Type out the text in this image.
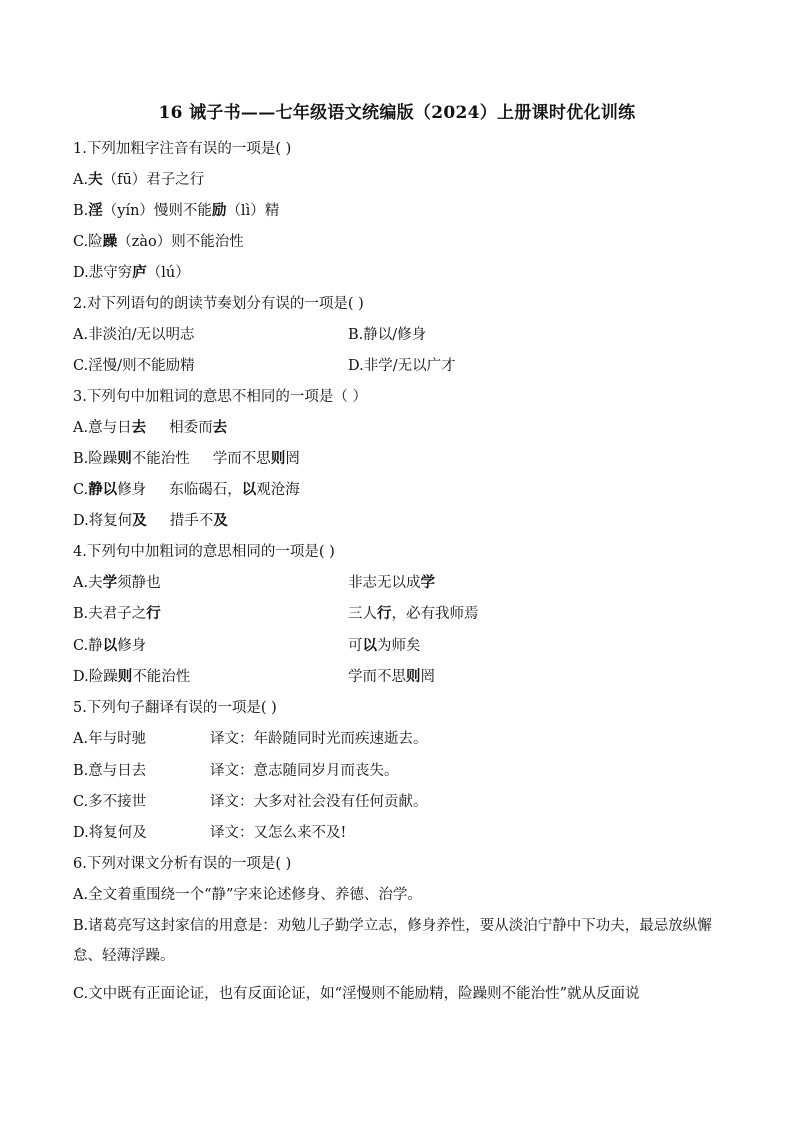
16 诫子书——七年级语文统编版（2024）上册课时优化训练
1.下列加粗字注音有误的一项是( )
A.夫（fū）君子之行
B.淫（yín）慢则不能励（lì）精
C.险躁（zào）则不能治性
D.悲守穷庐（lú）
2.对下列语句的朗读节奏划分有误的一项是( )
A.非淡泊/无以明志	B.静以/修身
C.淫慢/则不能励精	D.非学/无以广才
3.下列句中加粗词的意思不相同的一项是（ ）
A.意与日去     相委而去
B.险躁则不能治性     学而不思则罔
C.静以修身     东临碣石，以观沧海
D.将复何及     措手不及
4.下列句中加粗词的意思相同的一项是( )
A.夫学须静也	非志无以成学
B.夫君子之行	三人行，必有我师焉
C.静以修身	可以为师矣
D.险躁则不能治性	学而不思则罔
5.下列句子翻译有误的一项是( )
A.年与时驰	译文：年龄随同时光而疾速逝去。
B.意与日去	译文：意志随同岁月而丧失。
C.多不接世	译文：大多对社会没有任何贡献。
D.将复何及	译文：又怎么来不及!
6.下列对课文分析有误的一项是( )
A.全文着重围绕一个“静”字来论述修身、养德、治学。
B.诸葛亮写这封家信的用意是：劝勉儿子勤学立志，修身养性，要从淡泊宁静中下功夫，最忌放纵懈怠、轻薄浮躁。
C.文中既有正面论证，也有反面论证，如“淫慢则不能励精，险躁则不能治性”就从反面说
